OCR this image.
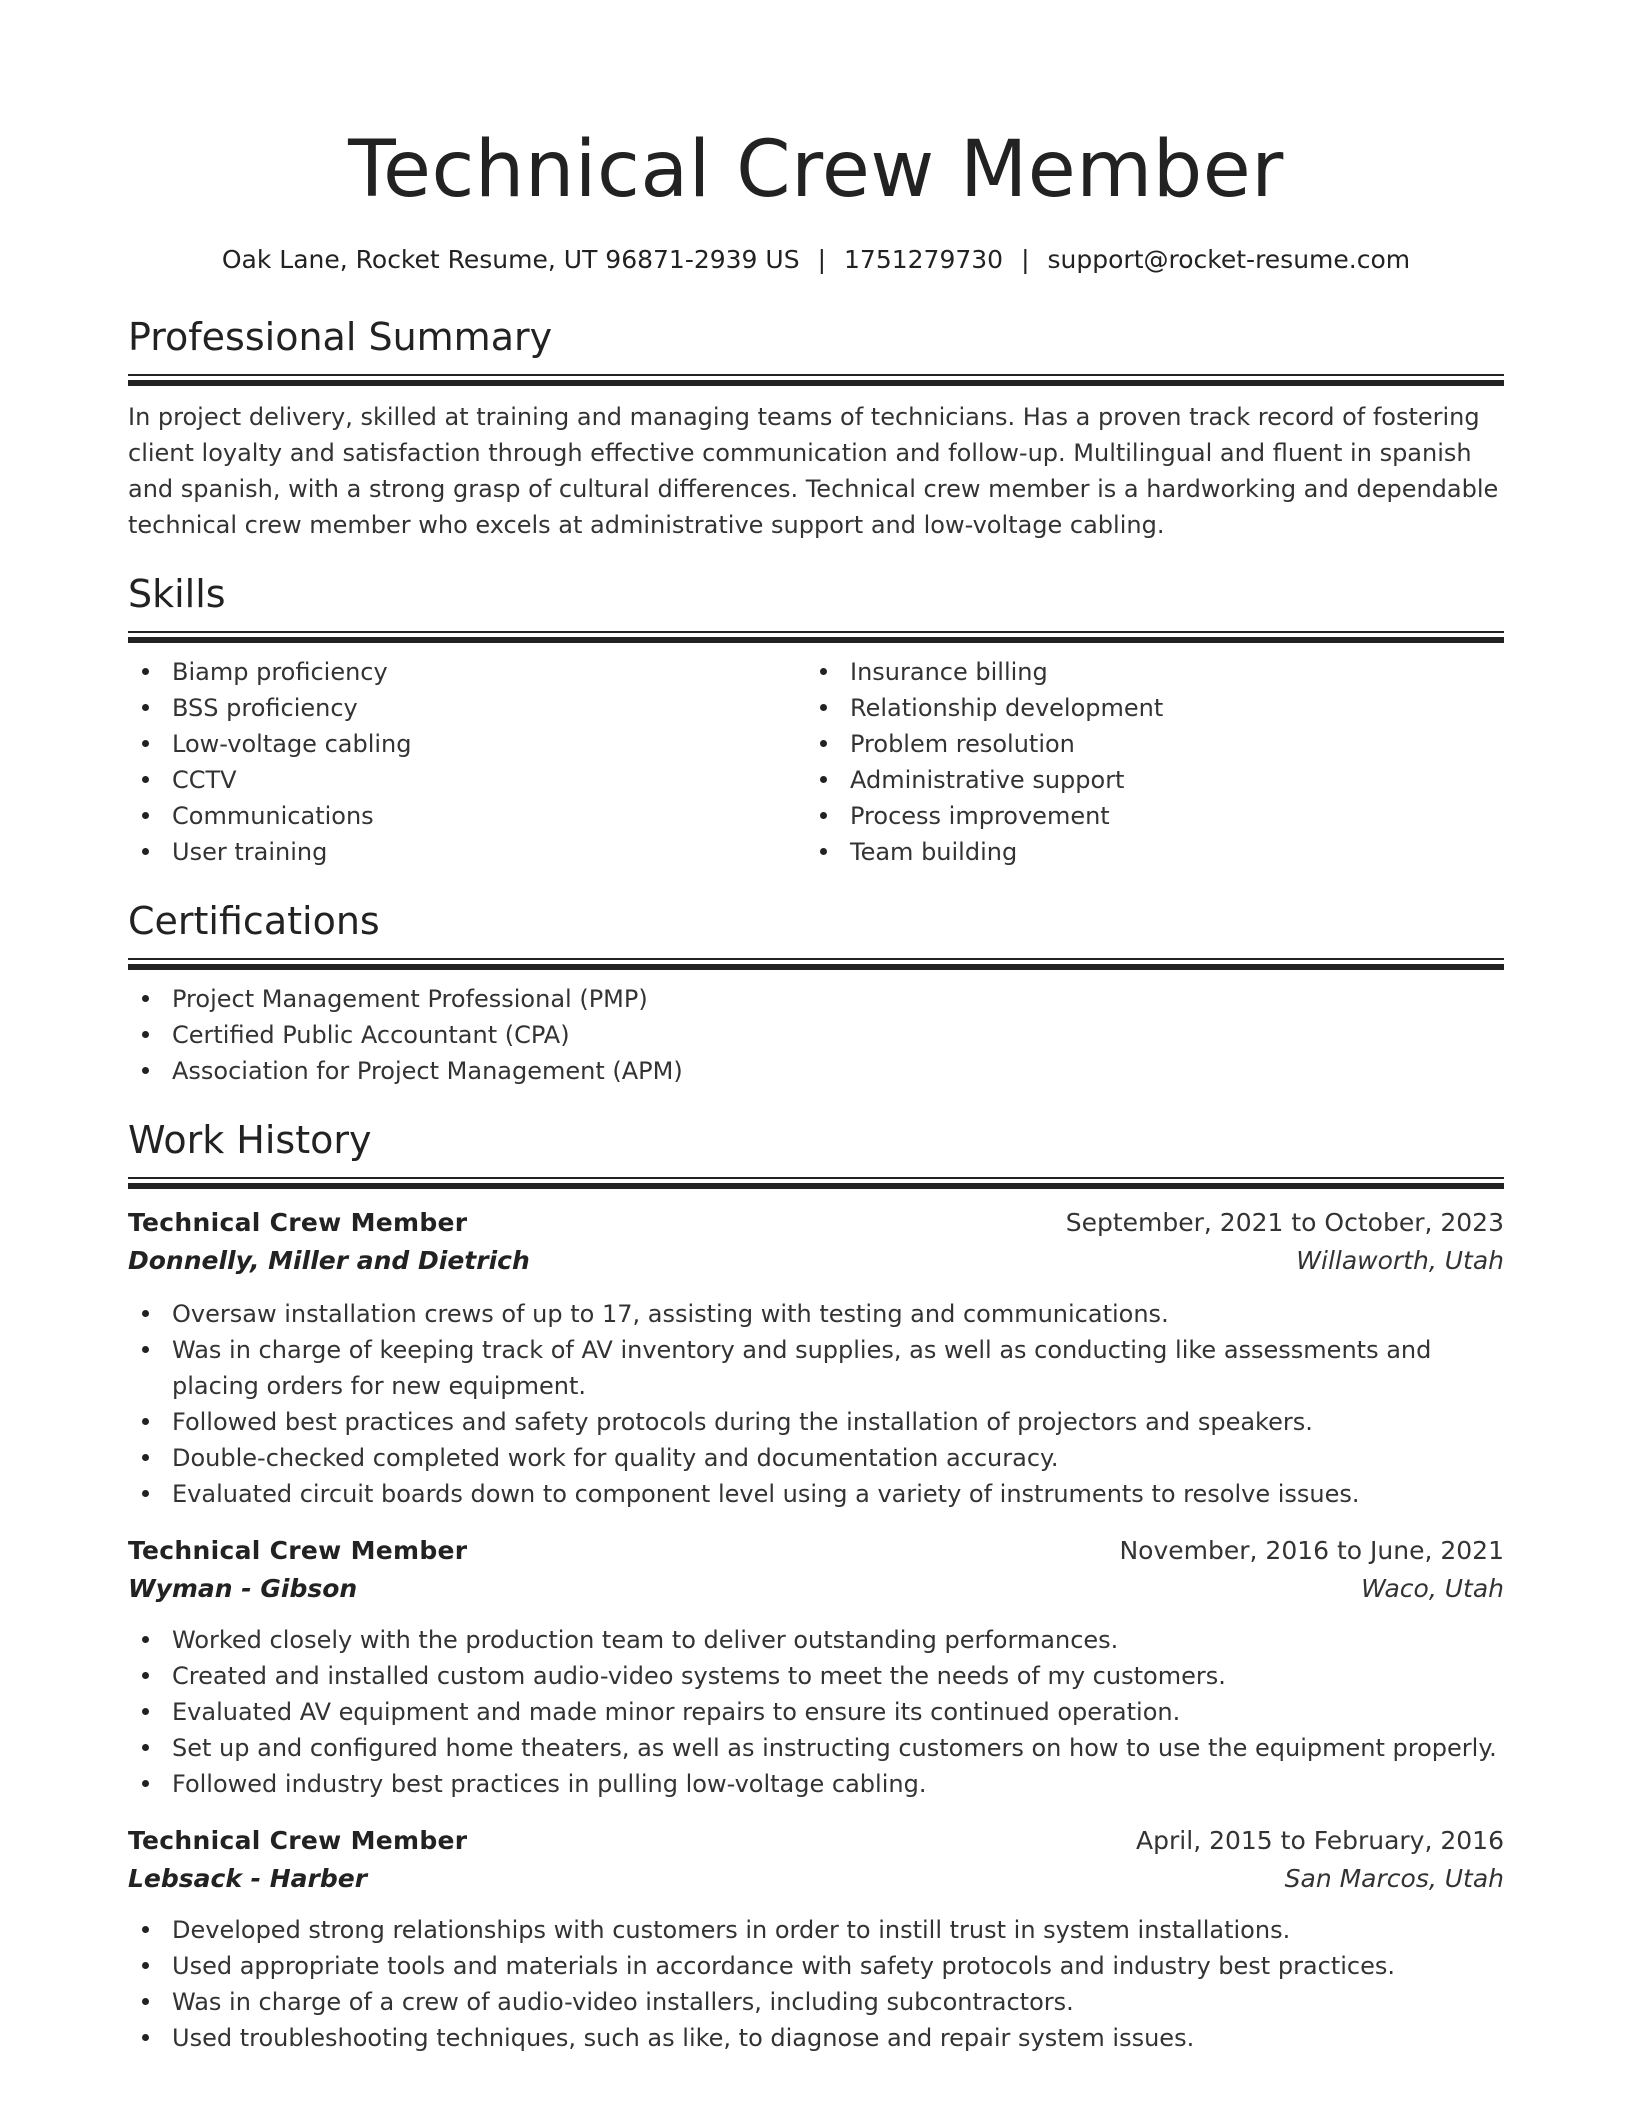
Technical Crew Member
Oak Lane, Rocket Resume, UT 96871-2939 US | 1751279730 | support@rocket-resume.com
Professional Summary
In project delivery, skilled at training and managing teams of technicians. Has a proven track record of fostering client loyalty and satisfaction through effective communication and follow-up. Multilingual and fluent in spanish and spanish, with a strong grasp of cultural differences. Technical crew member is a hardworking and dependable technical crew member who excels at administrative support and low-voltage cabling.
Skills
Biamp proficiency
BSS proficiency
Low-voltage cabling
CCTV
Communications
User training
Insurance billing
Relationship development
Problem resolution
Administrative support
Process improvement
Team building
Certifications
Project Management Professional (PMP)
Certified Public Accountant (CPA)
Association for Project Management (APM)
Work History
Technical Crew Member	September, 2021 to October, 2023
Donnelly, Miller and Dietrich	Willaworth, Utah
Oversaw installation crews of up to 17, assisting with testing and communications.
Was in charge of keeping track of AV inventory and supplies, as well as conducting like assessments and placing orders for new equipment.
Followed best practices and safety protocols during the installation of projectors and speakers.
Double-checked completed work for quality and documentation accuracy.
Evaluated circuit boards down to component level using a variety of instruments to resolve issues.
Technical Crew Member	November, 2016 to June, 2021
Wyman - Gibson	Waco, Utah
Worked closely with the production team to deliver outstanding performances.
Created and installed custom audio-video systems to meet the needs of my customers.
Evaluated AV equipment and made minor repairs to ensure its continued operation.
Set up and configured home theaters, as well as instructing customers on how to use the equipment properly.
Followed industry best practices in pulling low-voltage cabling.
Technical Crew Member	April, 2015 to February, 2016
Lebsack - Harber	San Marcos, Utah
Developed strong relationships with customers in order to instill trust in system installations.
Used appropriate tools and materials in accordance with safety protocols and industry best practices.
Was in charge of a crew of audio-video installers, including subcontractors.
Used troubleshooting techniques, such as like, to diagnose and repair system issues.
